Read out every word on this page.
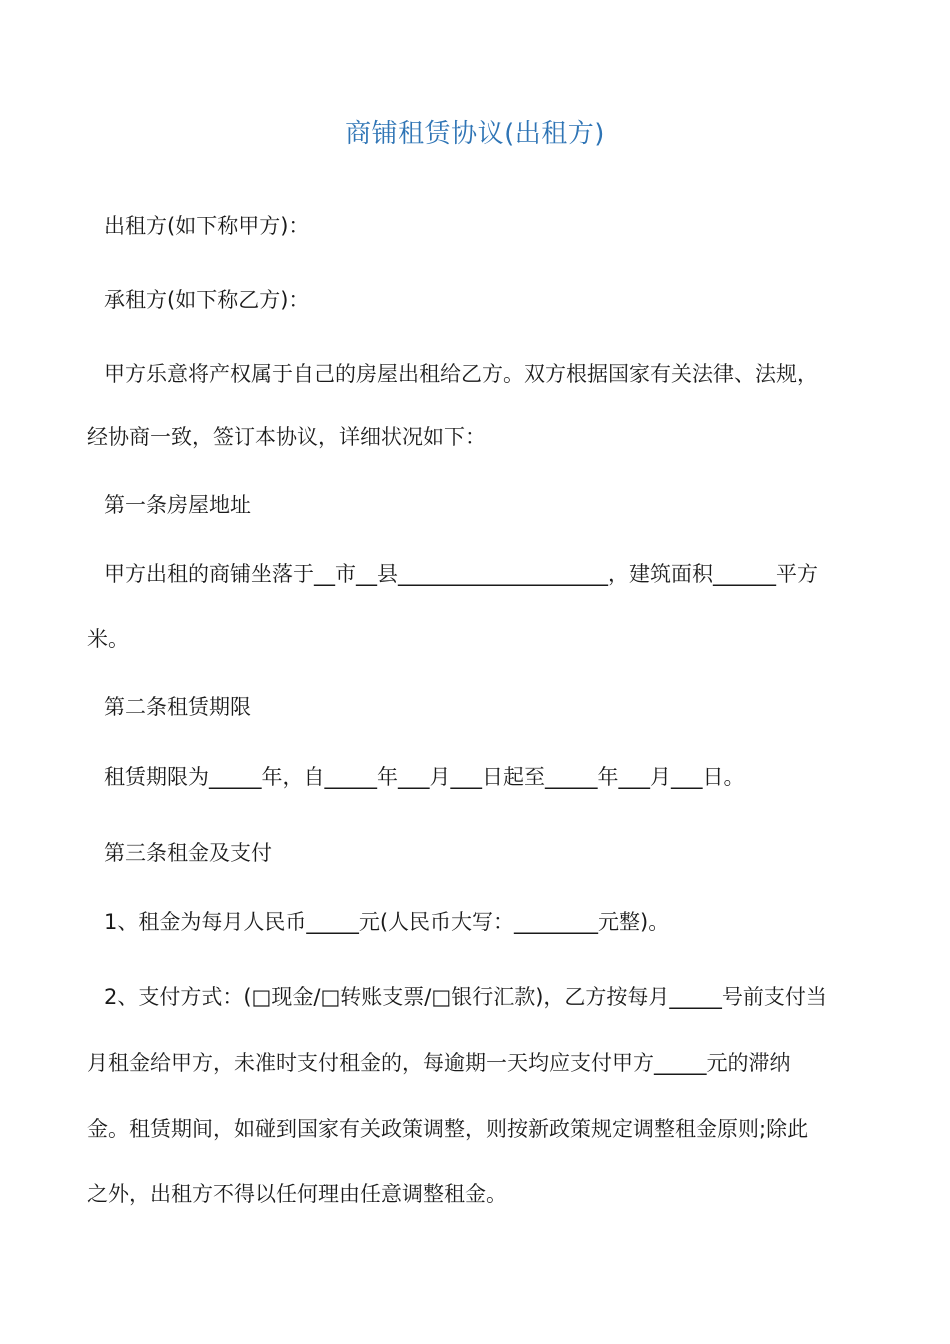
商铺租赁协议(出租方)
出租方(如下称甲方)：
承租方(如下称乙方)：
甲方乐意将产权属于自己的房屋出租给乙方。双方根据国家有关法律、法规，
经协商一致，签订本协议，详细状况如下：
第一条房屋地址
甲方出租的商铺坐落于__市__县____________________，建筑面积______平方
米。
第二条租赁期限
租赁期限为_____年，自_____年___月___日起至_____年___月___日。
第三条租金及支付
1、租金为每月人民币_____元(人民币大写：________元整)。
2、支付方式：(□现金/□转账支票/□银行汇款)，乙方按每月_____号前支付当
月租金给甲方，未准时支付租金的，每逾期一天均应支付甲方_____元的滞纳
金。租赁期间，如碰到国家有关政策调整，则按新政策规定调整租金原则;除此
之外，出租方不得以任何理由任意调整租金。
